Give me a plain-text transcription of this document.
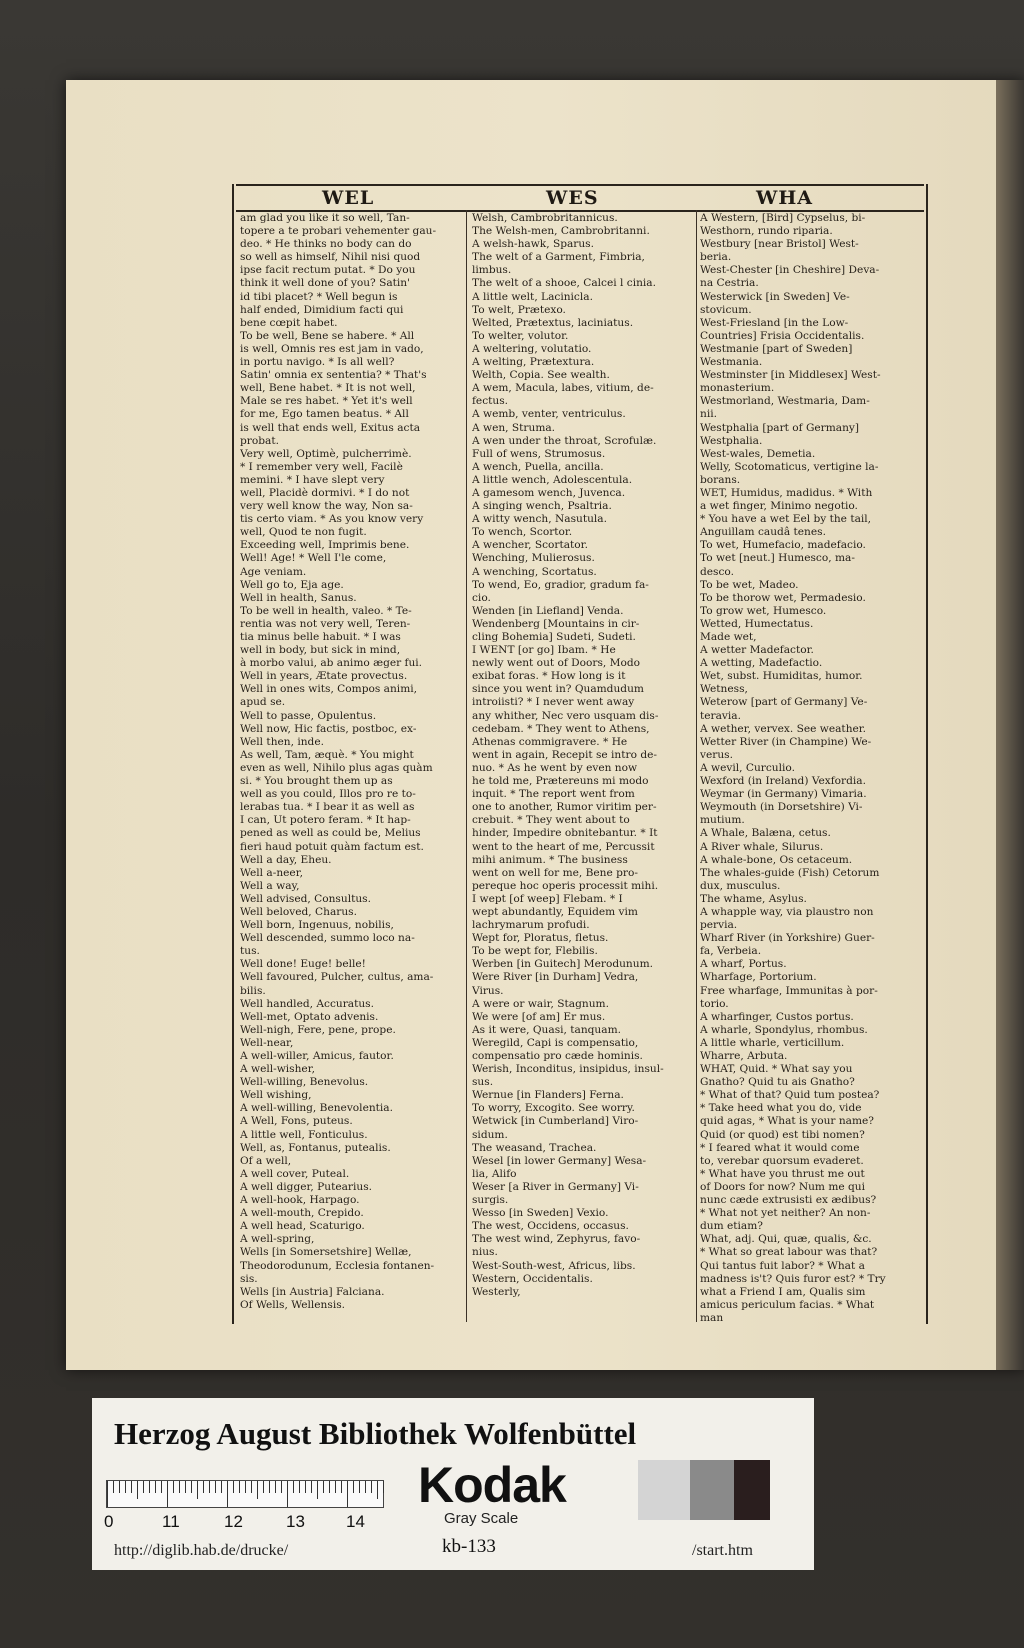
WEL	WES	WHA
am glad you like it so well, Tan-
topere a te probari vehementer gau-
deo. * He thinks no body can do
so well as himself, Nihil nisi quod
ipse facit rectum putat. * Do you
think it well done of you? Satin'
id tibi placet? * Well begun is
half ended, Dimidium facti qui
bene cœpit habet.
To be well, Bene se habere. * All
is well, Omnis res est jam in vado,
in portu navigo. * Is all well?
Satin' omnia ex sententia? * That's
well, Bene habet. * It is not well,
Male se res habet. * Yet it's well
for me, Ego tamen beatus. * All
is well that ends well, Exitus acta
probat.
Very well, Optimè, pulcherrimè.
* I remember very well, Facilè
memini. * I have slept very
well, Placidè dormivi. * I do not
very well know the way, Non sa-
tis certo viam. * As you know very
well, Quod te non fugit.
Exceeding well, Imprimis bene.
Well! Age! * Well I'le come,
Age veniam.
Well go to, Eja age.
Well in health, Sanus.
To be well in health, valeo. * Te-
rentia was not very well, Teren-
tia minus belle habuit. * I was
well in body, but sick in mind,
à morbo valui, ab animo æger fui.
Well in years, Ætate provectus.
Well in ones wits, Compos animi,
apud se.
Well to passe, Opulentus.
Well now, Hic factis, postboc, ex-
Well then, inde.
As well, Tam, æquè. * You might
even as well, Nihilo plus agas quàm
si. * You brought them up as
well as you could, Illos pro re to-
lerabas tua. * I bear it as well as
I can, Ut potero feram. * It hap-
pened as well as could be, Melius
fieri haud potuit quàm factum est.
Well a day, Eheu.
Well a-neer,
Well a way,
Well advised, Consultus.
Well beloved, Charus.
Well born, Ingenuus, nobilis,
Well descended, summo loco na-
tus.
Well done! Euge! belle!
Well favoured, Pulcher, cultus, ama-
bilis.
Well handled, Accuratus.
Well-met, Optato advenis.
Well-nigh, Fere, pene, prope.
Well-near,
A well-willer, Amicus, fautor.
A well-wisher,
Well-willing, Benevolus.
Well wishing,
A well-willing, Benevolentia.
A Well, Fons, puteus.
A little well, Fonticulus.
Well, as, Fontanus, putealis.
Of a well,
A well cover, Puteal.
A well digger, Putearius.
A well-hook, Harpago.
A well-mouth, Crepido.
A well head, Scaturigo.
A well-spring,
Wells [in Somersetshire] Wellæ,
Theodorodunum, Ecclesia fontanen-
sis.
Wells [in Austria] Falciana.
Of Wells, Wellensis.
Welsh, Cambrobritannicus.
The Welsh-men, Cambrobritanni.
A welsh-hawk, Sparus.
The welt of a Garment, Fimbria,
limbus.
The welt of a shooe, Calcei l cinia.
A little welt, Lacinicla.
To welt, Prætexo.
Welted, Prætextus, laciniatus.
To welter, volutor.
A weltering, volutatio.
A welting, Prætextura.
Welth, Copia. See wealth.
A wem, Macula, labes, vitium, de-
fectus.
A wemb, venter, ventriculus.
A wen, Struma.
A wen under the throat, Scrofulæ.
Full of wens, Strumosus.
A wench, Puella, ancilla.
A little wench, Adolescentula.
A gamesom wench, Juvenca.
A singing wench, Psaltria.
A witty wench, Nasutula.
To wench, Scortor.
A wencher, Scortator.
Wenching, Mulierosus.
A wenching, Scortatus.
To wend, Eo, gradior, gradum fa-
cio.
Wenden [in Liefland] Venda.
Wendenberg [Mountains in cir-
cling Bohemia] Sudeti, Sudeti.
I WENT [or go] Ibam. * He
newly went out of Doors, Modo
exibat foras. * How long is it
since you went in? Quamdudum
introiisti? * I never went away
any whither, Nec vero usquam dis-
cedebam. * They went to Athens,
Athenas commigravere. * He
went in again, Recepit se intro de-
nuo. * As he went by even now
he told me, Prætereuns mi modo
inquit. * The report went from
one to another, Rumor viritim per-
crebuit. * They went about to
hinder, Impedire obnitebantur. * It
went to the heart of me, Percussit
mihi animum. * The business
went on well for me, Bene pro-
pereque hoc operis processit mihi.
I wept [of weep] Flebam. * I
wept abundantly, Equidem vim
lachrymarum profudi.
Wept for, Ploratus, fletus.
To be wept for, Flebilis.
Werben [in Guitech] Merodunum.
Were River [in Durham] Vedra,
Virus.
A were or wair, Stagnum.
We were [of am] Er mus.
As it were, Quasi, tanquam.
Weregild, Capi is compensatio,
compensatio pro cæde hominis.
Werish, Inconditus, insipidus, insul-
sus.
Wernue [in Flanders] Ferna.
To worry, Excogito. See worry.
Wetwick [in Cumberland] Viro-
sidum.
The weasand, Trachea.
Wesel [in lower Germany] Wesa-
lia, Alifo
Weser [a River in Germany] Vi-
surgis.
Wesso [in Sweden] Vexio.
The west, Occidens, occasus.
The west wind, Zephyrus, favo-
nius.
West-South-west, Africus, libs.
Western, Occidentalis.
Westerly,
A Western, [Bird] Cypselus, bi-
Westhorn, rundo riparia.
Westbury [near Bristol] West-
beria.
West-Chester [in Cheshire] Deva-
na Cestria.
Westerwick [in Sweden] Ve-
stovicum.
West-Friesland [in the Low-
Countries] Frisia Occidentalis.
Westmanie [part of Sweden]
Westmania.
Westminster [in Middlesex] West-
monasterium.
Westmorland, Westmaria, Dam-
nii.
Westphalia [part of Germany]
Westphalia.
West-wales, Demetia.
Welly, Scotomaticus, vertigine la-
borans.
WET, Humidus, madidus. * With
a wet finger, Minimo negotio.
* You have a wet Eel by the tail,
Anguillam caudâ tenes.
To wet, Humefacio, madefacio.
To wet [neut.] Humesco, ma-
desco.
To be wet, Madeo.
To be thorow wet, Permadesio.
To grow wet, Humesco.
Wetted, Humectatus.
Made wet,
A wetter Madefactor.
A wetting, Madefactio.
Wet, subst. Humiditas, humor.
Wetness,
Weterow [part of Germany] Ve-
teravia.
A wether, vervex. See weather.
Wetter River (in Champine) We-
verus.
A wevil, Curculio.
Wexford (in Ireland) Vexfordia.
Weymar (in Germany) Vimaria.
Weymouth (in Dorsetshire) Vi-
mutium.
A Whale, Balæna, cetus.
A River whale, Silurus.
A whale-bone, Os cetaceum.
The whales-guide (Fish) Cetorum
dux, musculus.
The whame, Asylus.
A whapple way, via plaustro non
pervia.
Wharf River (in Yorkshire) Guer-
fa, Verbeia.
A wharf, Portus.
Wharfage, Portorium.
Free wharfage, Immunitas à por-
torio.
A wharfinger, Custos portus.
A wharle, Spondylus, rhombus.
A little wharle, verticillum.
Wharre, Arbuta.
WHAT, Quid. * What say you
Gnatho? Quid tu ais Gnatho?
* What of that? Quid tum postea?
* Take heed what you do, vide
quid agas, * What is your name?
Quid (or quod) est tibi nomen?
* I feared what it would come
to, verebar quorsum evaderet.
* What have you thrust me out
of Doors for now? Num me qui
nunc cæde extrusisti ex ædibus?
* What not yet neither? An non-
dum etiam?
What, adj. Qui, quæ, qualis, &c.
* What so great labour was that?
Qui tantus fuit labor? * What a
madness is't? Quis furor est? * Try
what a Friend I am, Qualis sim
amicus periculum facias. * What
man
Herzog August Bibliothek Wolfenbüttel
0	11	12	13 14
Kodak
Gray Scale
http://diglib.hab.de/drucke/	kb-133	/start.htm
